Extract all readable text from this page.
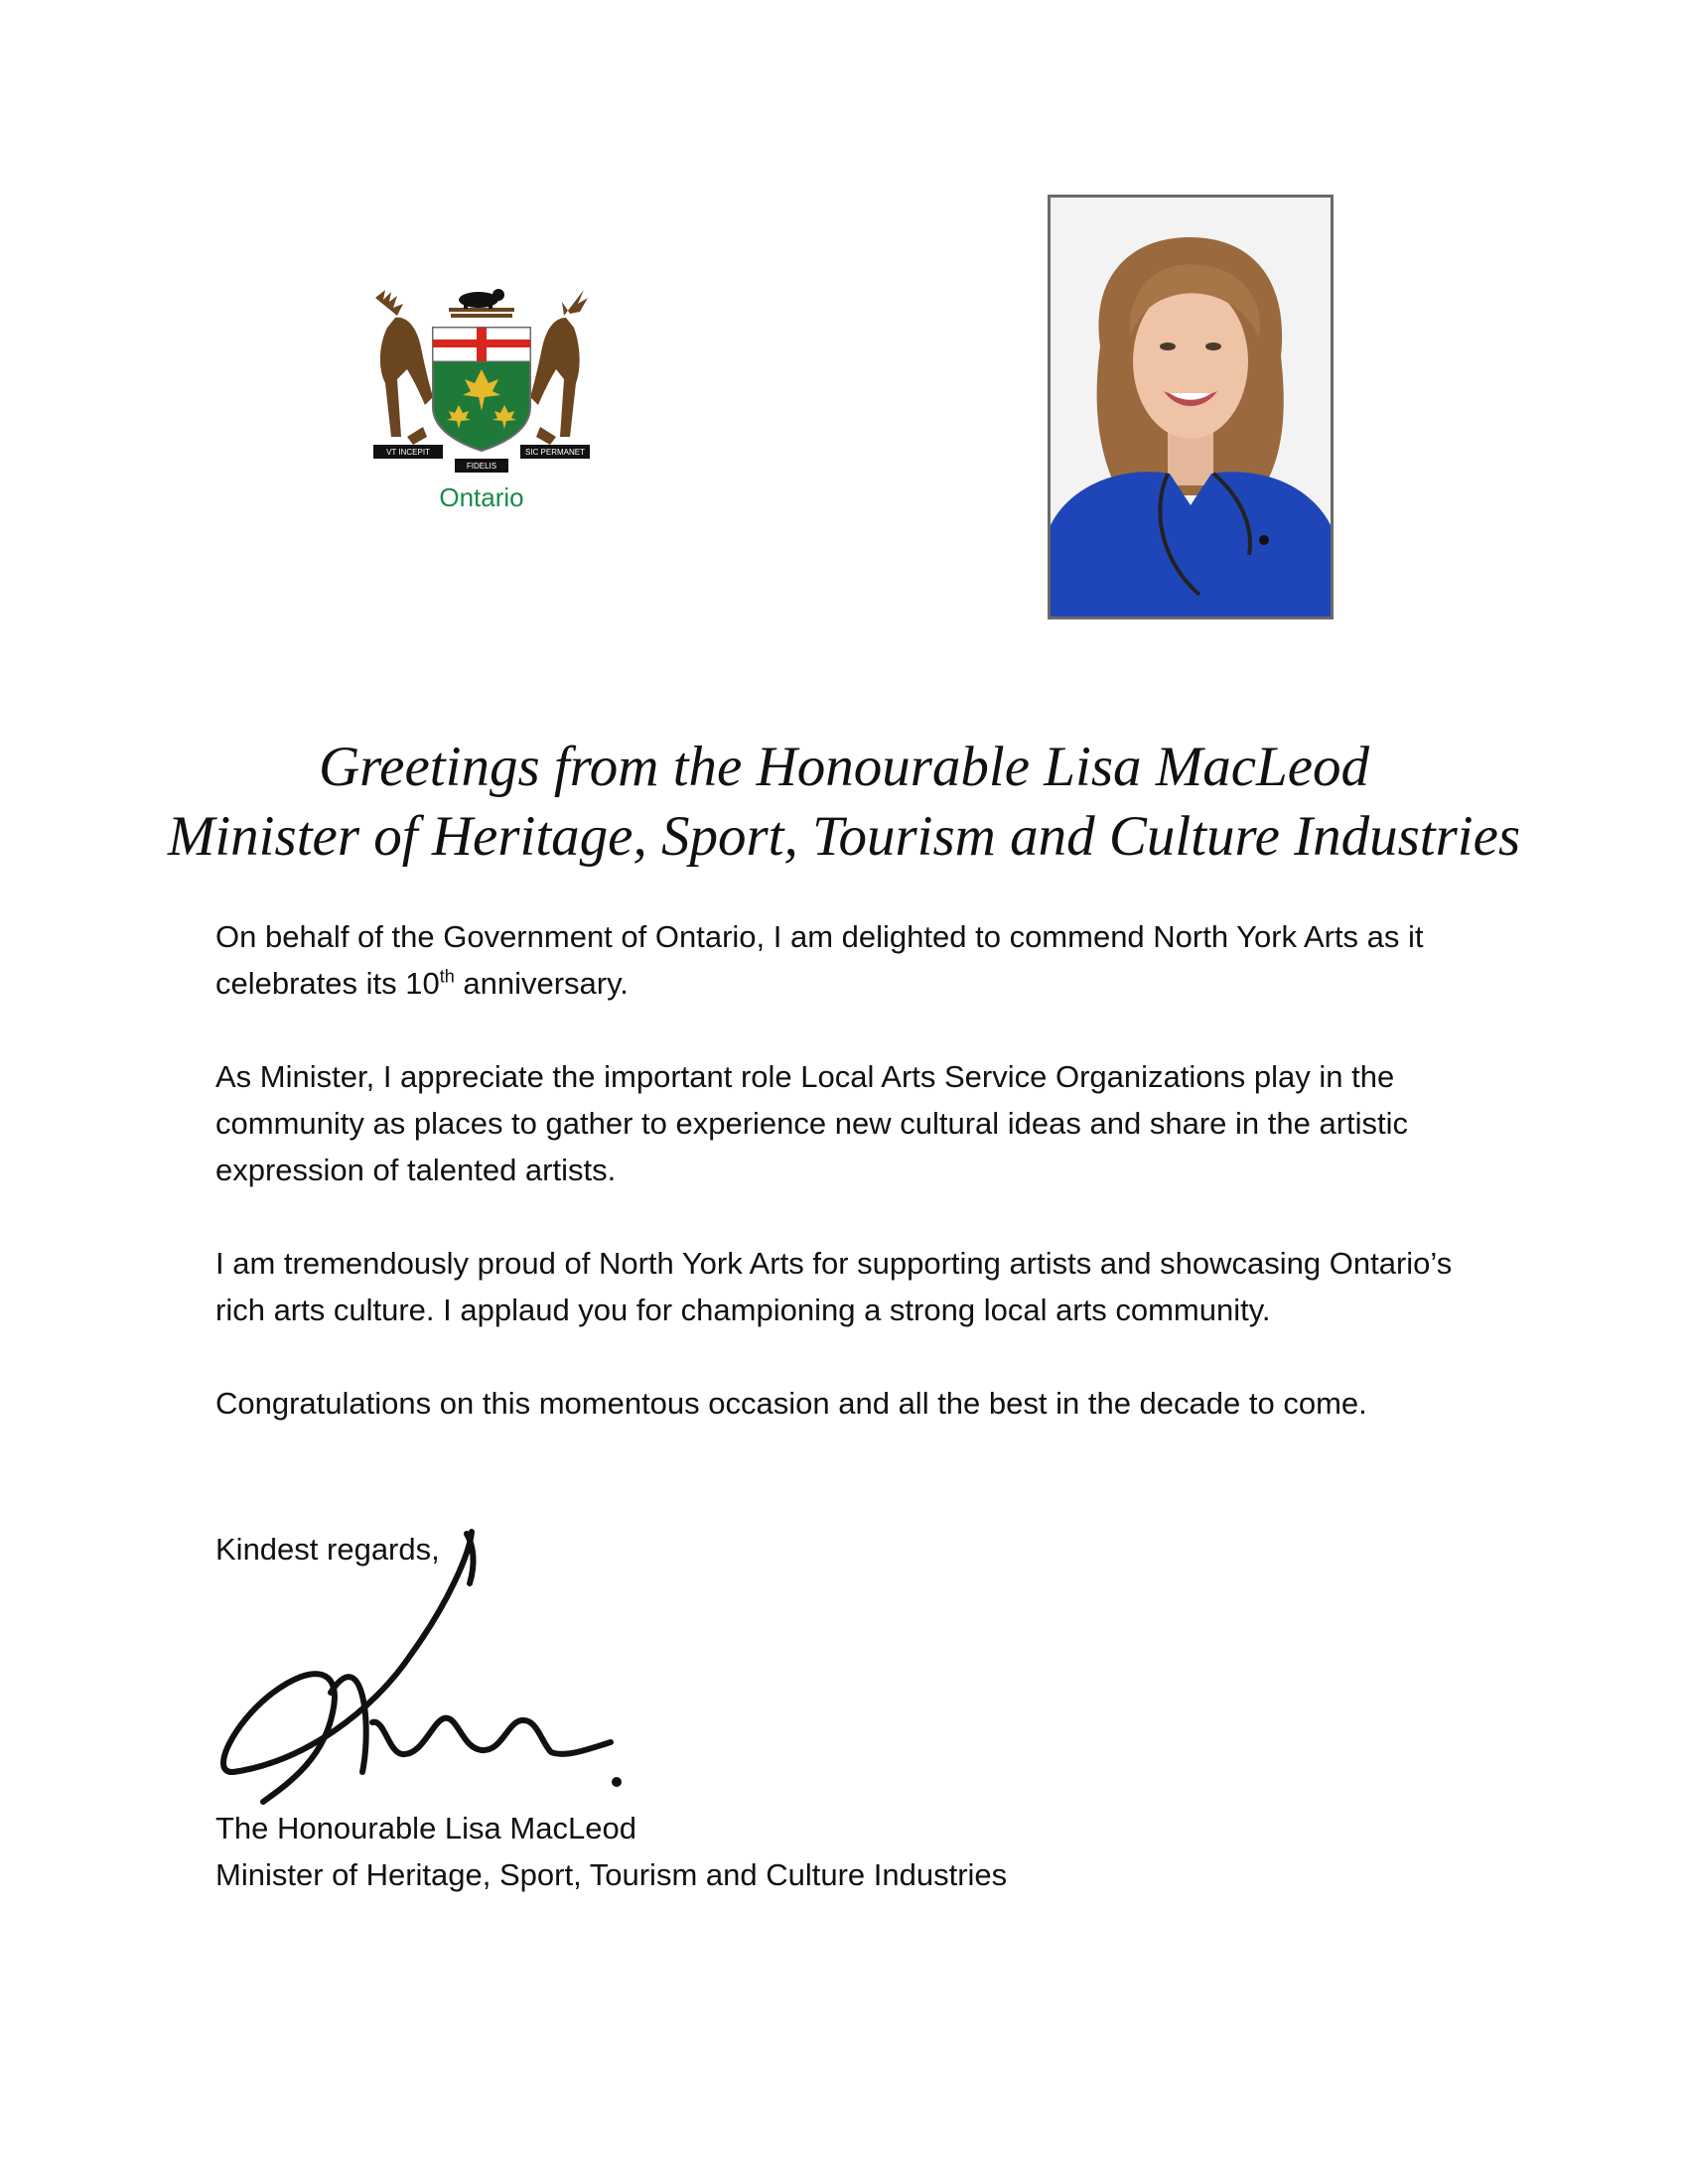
VT INCEPIT
FIDELIS
SIC PERMANET
Ontario
Greetings from the Honourable Lisa MacLeod
Minister of Heritage, Sport, Tourism and Culture Industries

On behalf of the Government of Ontario, I am delighted to commend North York Arts as it celebrates its 10th anniversary.

As Minister, I appreciate the important role Local Arts Service Organizations play in the community as places to gather to experience new cultural ideas and share in the artistic expression of talented artists.

I am tremendously proud of North York Arts for supporting artists and showcasing Ontario’s rich arts culture. I applaud you for championing a strong local arts community.

Congratulations on this momentous occasion and all the best in the decade to come.

Kindest regards,
The Honourable Lisa MacLeod
Minister of Heritage, Sport, Tourism and Culture Industries
